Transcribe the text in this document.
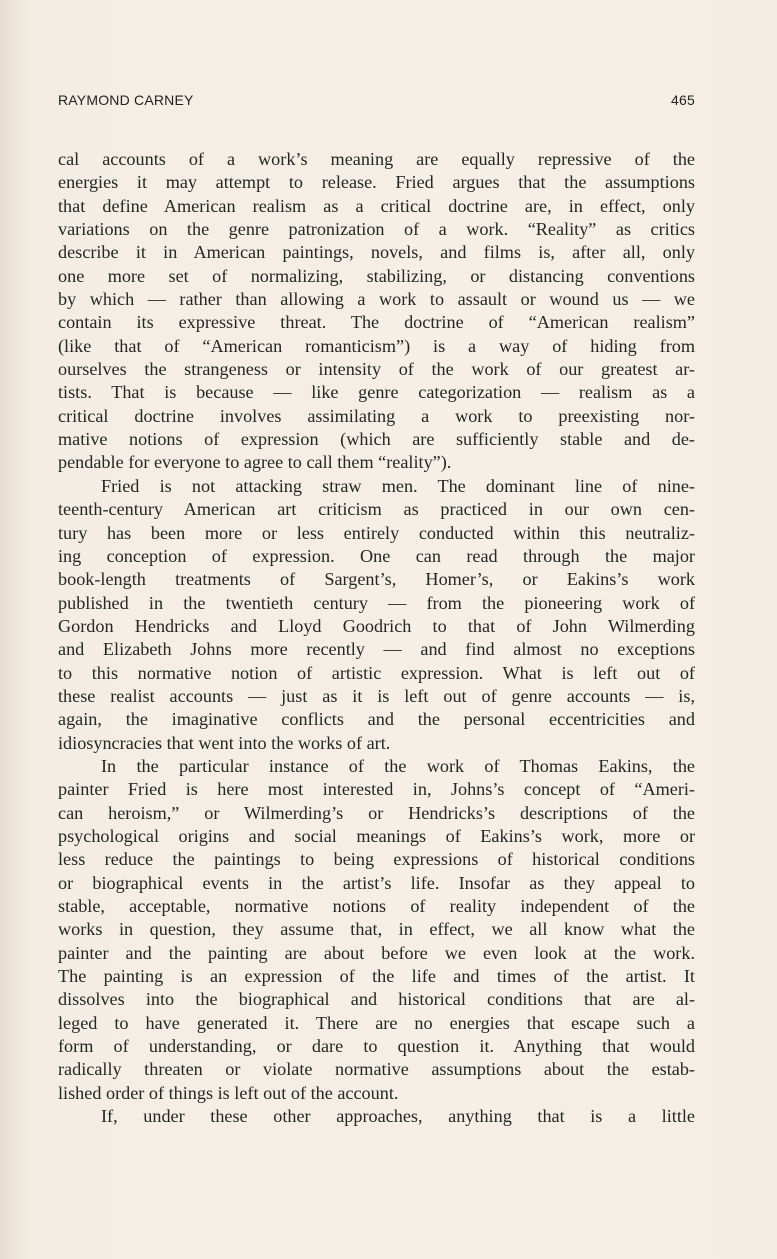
RAYMOND CARNEY	465
cal accounts of a work’s meaning are equally repressive of the
energies it may attempt to release. Fried argues that the assumptions
that define American realism as a critical doctrine are, in effect, only
variations on the genre patronization of a work. “Reality” as critics
describe it in American paintings, novels, and films is, after all, only
one more set of normalizing, stabilizing, or distancing conventions
by which — rather than allowing a work to assault or wound us — we
contain its expressive threat. The doctrine of “American realism”
(like that of “American romanticism”) is a way of hiding from
ourselves the strangeness or intensity of the work of our greatest ar-
tists. That is because — like genre categorization — realism as a
critical doctrine involves assimilating a work to preexisting nor-
mative notions of expression (which are sufficiently stable and de-
pendable for everyone to agree to call them “reality”).
Fried is not attacking straw men. The dominant line of nine-
teenth-century American art criticism as practiced in our own cen-
tury has been more or less entirely conducted within this neutraliz-
ing conception of expression. One can read through the major
book-length treatments of Sargent’s, Homer’s, or Eakins’s work
published in the twentieth century — from the pioneering work of
Gordon Hendricks and Lloyd Goodrich to that of John Wilmerding
and Elizabeth Johns more recently — and find almost no exceptions
to this normative notion of artistic expression. What is left out of
these realist accounts — just as it is left out of genre accounts — is,
again, the imaginative conflicts and the personal eccentricities and
idiosyncracies that went into the works of art.
In the particular instance of the work of Thomas Eakins, the
painter Fried is here most interested in, Johns’s concept of “Ameri-
can heroism,” or Wilmerding’s or Hendricks’s descriptions of the
psychological origins and social meanings of Eakins’s work, more or
less reduce the paintings to being expressions of historical conditions
or biographical events in the artist’s life. Insofar as they appeal to
stable, acceptable, normative notions of reality independent of the
works in question, they assume that, in effect, we all know what the
painter and the painting are about before we even look at the work.
The painting is an expression of the life and times of the artist. It
dissolves into the biographical and historical conditions that are al-
leged to have generated it. There are no energies that escape such a
form of understanding, or dare to question it. Anything that would
radically threaten or violate normative assumptions about the estab-
lished order of things is left out of the account.
If, under these other approaches, anything that is a little
